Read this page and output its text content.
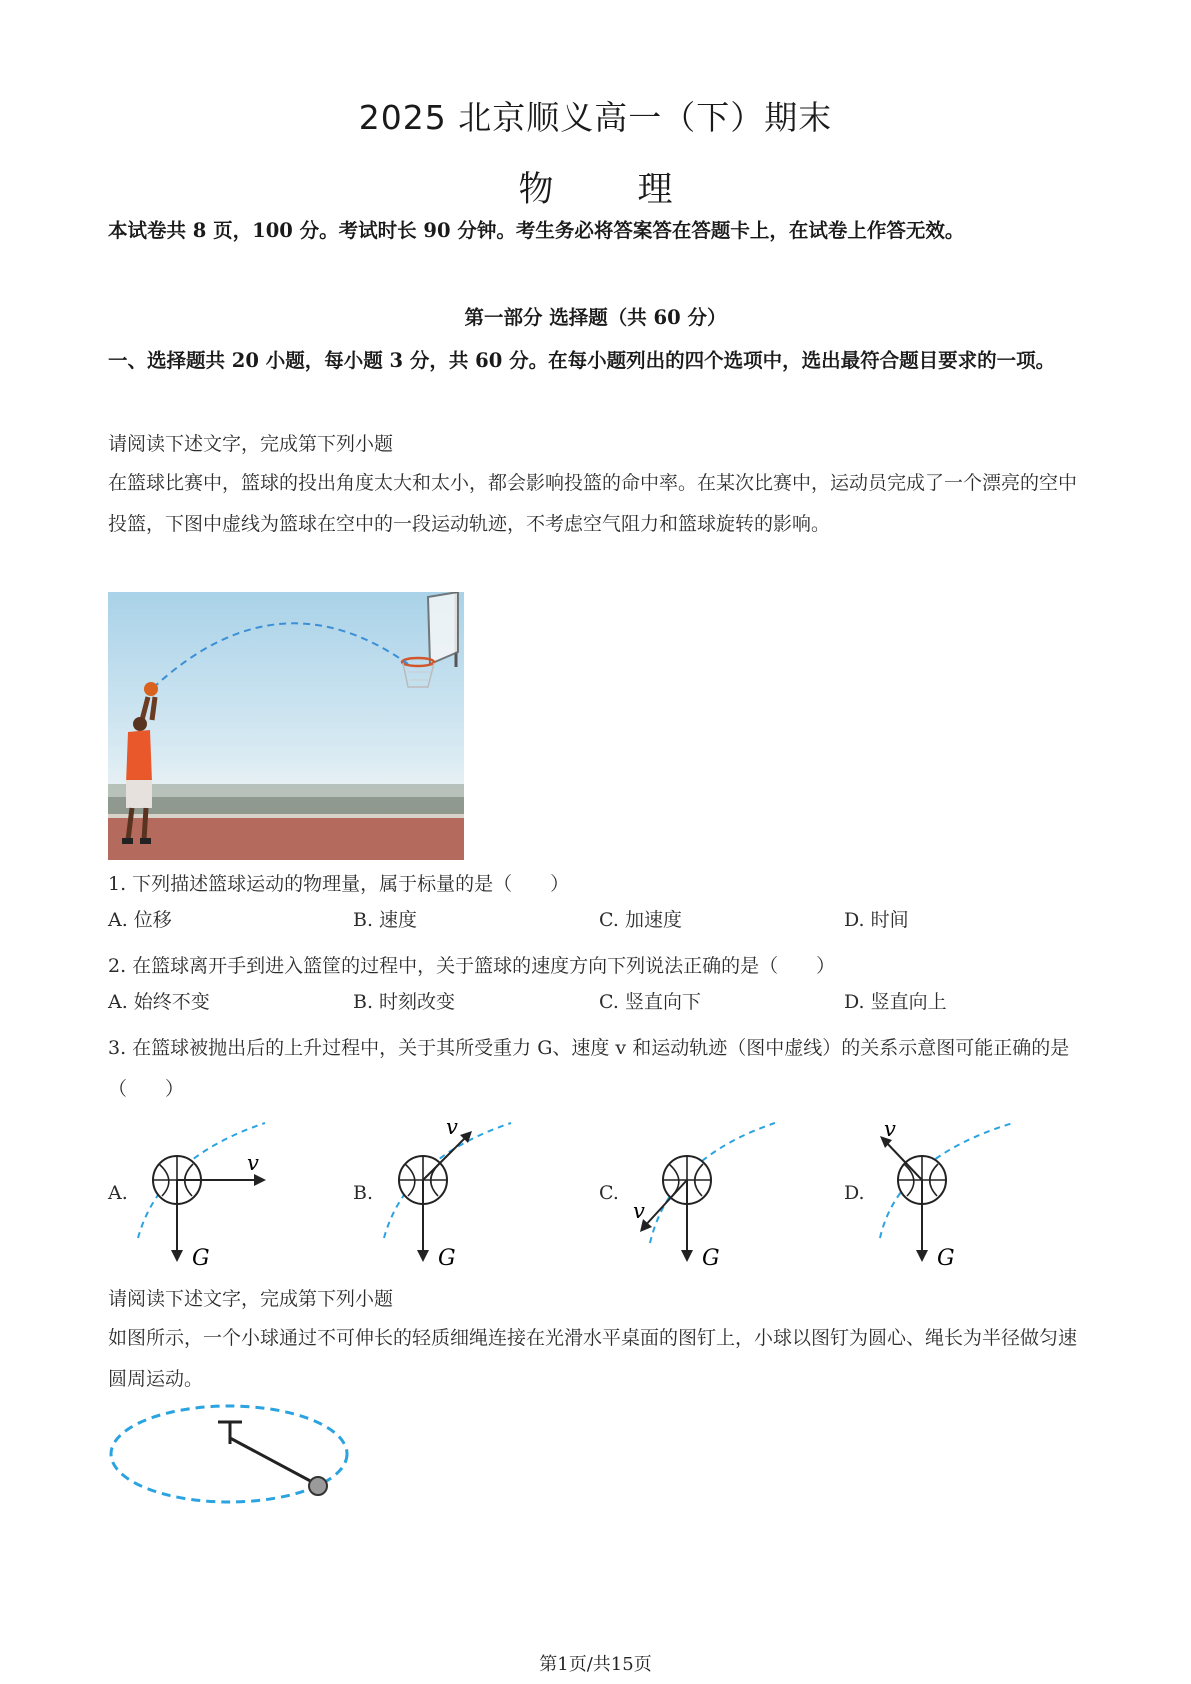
2025 北京顺义高一（下）期末
物 理
本试卷共 8 页，100 分。考试时长 90 分钟。考生务必将答案答在答题卡上，在试卷上作答无效。
第一部分 选择题（共 60 分）
一、选择题共 20 小题，每小题 3 分，共 60 分。在每小题列出的四个选项中，选出最符合题目要求的一项。
请阅读下述文字，完成第下列小题
在篮球比赛中，篮球的投出角度太大和太小，都会影响投篮的命中率。在某次比赛中，运动员完成了一个漂亮的空中投篮，下图中虚线为篮球在空中的一段运动轨迹，不考虑空气阻力和篮球旋转的影响。
1. 下列描述篮球运动的物理量，属于标量的是（　　）
A. 位移	B. 速度	C. 加速度	D. 时间
2. 在篮球离开手到进入篮筐的过程中，关于篮球的速度方向下列说法正确的是（　　）
A. 始终不变	B. 时刻改变	C. 竖直向下	D. 竖直向上
3. 在篮球被抛出后的上升过程中，关于其所受重力 G、速度 v 和运动轨迹（图中虚线）的关系示意图可能正确的是（　　）
A.
v
G
B.
v
G
C.
v
G
D.
v
G
请阅读下述文字，完成第下列小题
如图所示，一个小球通过不可伸长的轻质细绳连接在光滑水平桌面的图钉上，小球以图钉为圆心、绳长为半径做匀速圆周运动。
第1页/共15页
